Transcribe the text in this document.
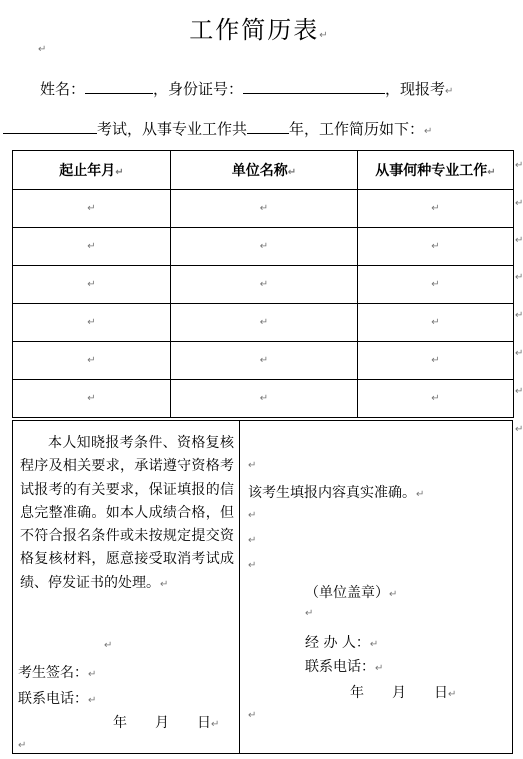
工作简历表↵
↵
姓名：	，身份证号：	，现报考↵
考试，从事专业工作共	年，工作简历如下：↵
起止年月↵	单位名称↵	从事何种专业工作↵
↵	↵	↵
↵	↵	↵
↵	↵	↵
↵	↵	↵
↵	↵	↵
↵	↵	↵
↵
↵
↵
↵
↵
↵
↵
↵
本人知晓报考条件、资格复核程序及相关要求，承诺遵守资格考试报考的有关要求，保证填报的信息完整准确。如本人成绩合格，但不符合报名条件或未按规定提交资格复核材料，愿意接受取消考试成绩、停发证书的处理。↵
↵
考生签名：↵
联系电话：↵
年 月 日↵
↵
↵
该考生填报内容真实准确。↵
↵
↵
↵
（单位盖章）↵
↵
经 办 人：↵
联系电话：↵
年 月 日↵
↵
